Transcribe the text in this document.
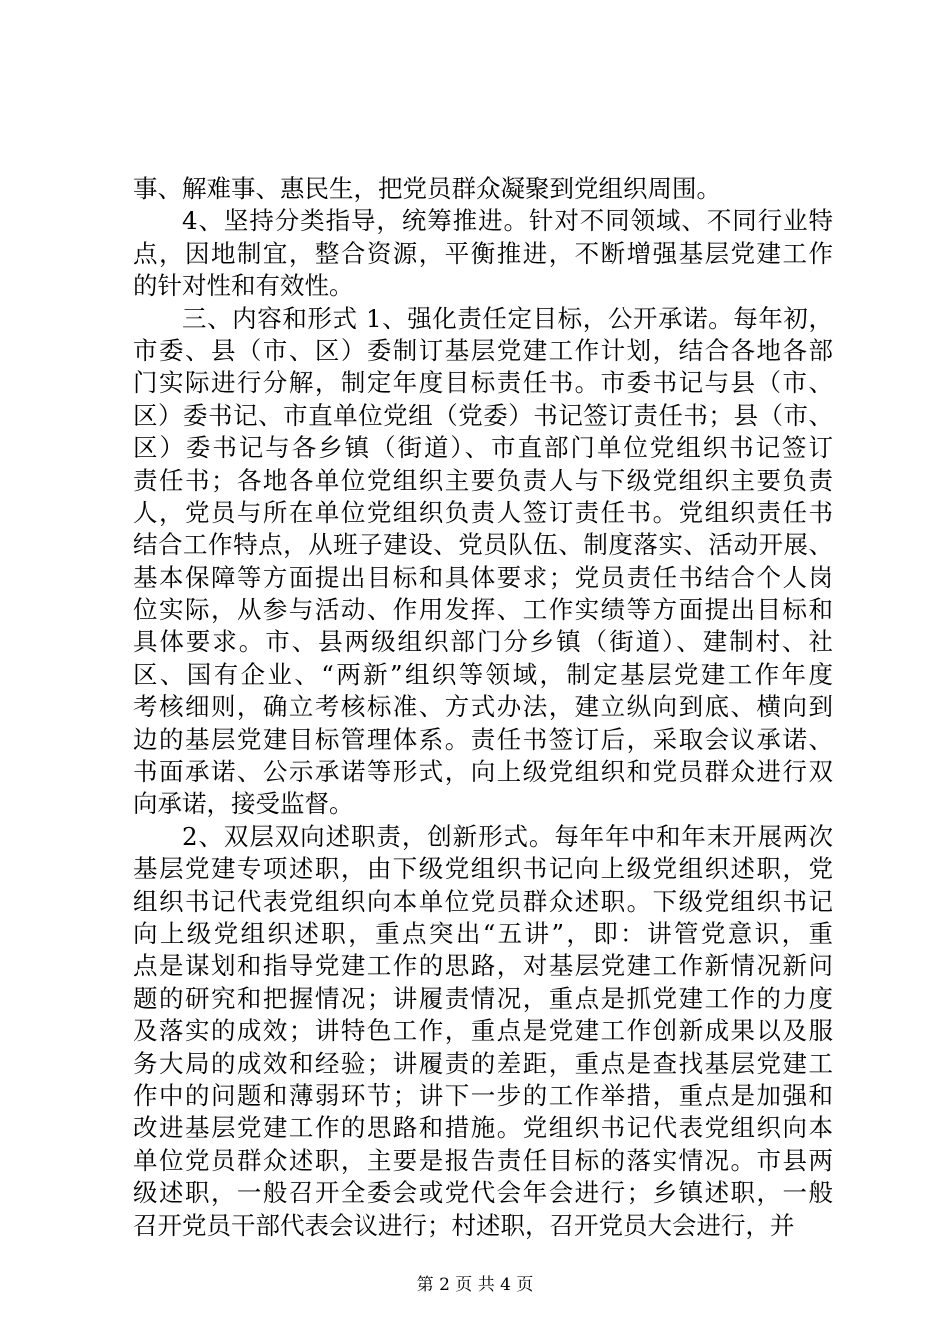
事、解难事、惠民生，把党员群众凝聚到党组织周围。
4、坚持分类指导，统筹推进。针对不同领域、不同行业特
点，因地制宜，整合资源，平衡推进，不断增强基层党建工作
的针对性和有效性。
三、内容和形式 1、强化责任定目标，公开承诺。每年初，
市委、县（市、区）委制订基层党建工作计划，结合各地各部
门实际进行分解，制定年度目标责任书。市委书记与县（市、
区）委书记、市直单位党组（党委）书记签订责任书；县（市、
区）委书记与各乡镇（街道）、市直部门单位党组织书记签订
责任书；各地各单位党组织主要负责人与下级党组织主要负责
人，党员与所在单位党组织负责人签订责任书。党组织责任书
结合工作特点，从班子建设、党员队伍、制度落实、活动开展、
基本保障等方面提出目标和具体要求；党员责任书结合个人岗
位实际，从参与活动、作用发挥、工作实绩等方面提出目标和
具体要求。市、县两级组织部门分乡镇（街道）、建制村、社
区、国有企业、“两新”组织等领域，制定基层党建工作年度
考核细则，确立考核标准、方式办法，建立纵向到底、横向到
边的基层党建目标管理体系。责任书签订后，采取会议承诺、
书面承诺、公示承诺等形式，向上级党组织和党员群众进行双
向承诺，接受监督。
2、双层双向述职责，创新形式。每年年中和年末开展两次
基层党建专项述职，由下级党组织书记向上级党组织述职，党
组织书记代表党组织向本单位党员群众述职。下级党组织书记
向上级党组织述职，重点突出“五讲”，即：讲管党意识，重
点是谋划和指导党建工作的思路，对基层党建工作新情况新问
题的研究和把握情况；讲履责情况，重点是抓党建工作的力度
及落实的成效；讲特色工作，重点是党建工作创新成果以及服
务大局的成效和经验；讲履责的差距，重点是查找基层党建工
作中的问题和薄弱环节；讲下一步的工作举措，重点是加强和
改进基层党建工作的思路和措施。党组织书记代表党组织向本
单位党员群众述职，主要是报告责任目标的落实情况。市县两
级述职，一般召开全委会或党代会年会进行；乡镇述职，一般
召开党员干部代表会议进行；村述职，召开党员大会进行，并
第 2 页 共 4 页
